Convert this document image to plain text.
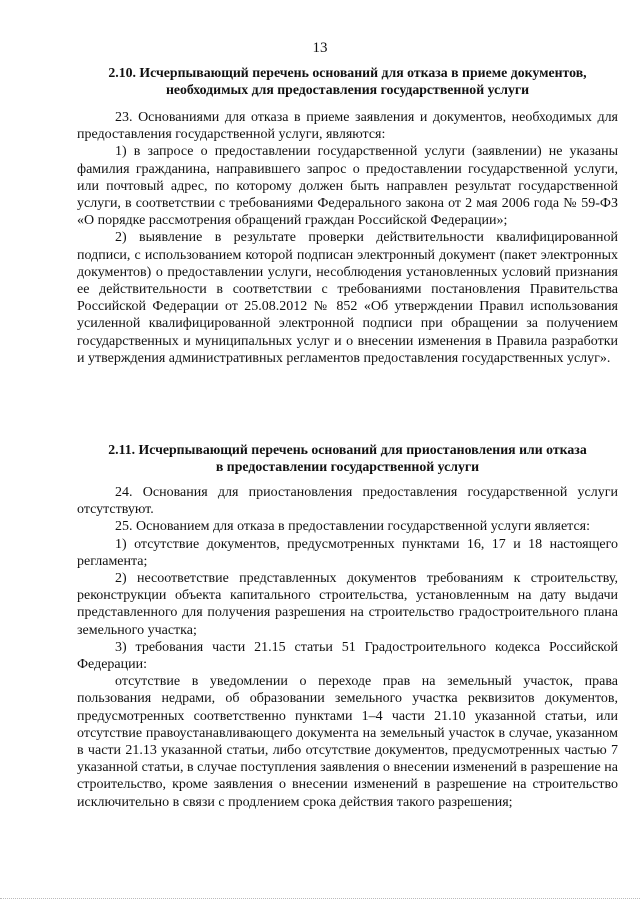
13
2.10. Исчерпывающий перечень оснований для отказа в приеме документов,
необходимых для предоставления государственной услуги

23. Основаниями для отказа в приеме заявления и документов, необходимых для предоставления государственной услуги, являются:

1) в запросе о предоставлении государственной услуги (заявлении) не указаны фамилия гражданина, направившего запрос о предоставлении государственной услуги, или почтовый адрес, по которому должен быть направлен результат государственной услуги, в соответствии с требованиями Федерального закона от 2 мая 2006 года № 59-ФЗ «О порядке рассмотрения обращений граждан Российской Федерации»;

2) выявление в результате проверки действительности квалифицированной подписи, с использованием которой подписан электронный документ (пакет электронных документов) о предоставлении услуги, несоблюдения установленных условий признания ее действительности в соответствии с требованиями постановления Правительства Российской Федерации от 25.08.2012 № 852 «Об утверждении Правил использования усиленной квалифицированной электронной подписи при обращении за получением государственных и муниципальных услуг и о внесении изменения в Правила разработки и утверждения административных регламентов предоставления государственных услуг».

2.11. Исчерпывающий перечень оснований для приостановления или отказа
в предоставлении государственной услуги

24. Основания для приостановления предоставления государственной услуги отсутствуют.

25. Основанием для отказа в предоставлении государственной услуги является:

1) отсутствие документов, предусмотренных пунктами 16, 17 и 18 настоящего регламента;

2) несоответствие представленных документов требованиям к строительству, реконструкции объекта капитального строительства, установленным на дату выдачи представленного для получения разрешения на строительство градостроительного плана земельного участка;

3) требования части 21.15 статьи 51 Градостроительного кодекса Российской Федерации:

отсутствие в уведомлении о переходе прав на земельный участок, права пользования недрами, об образовании земельного участка реквизитов документов, предусмотренных соответственно пунктами 1–4 части 21.10 указанной статьи, или отсутствие правоустанавливающего документа на земельный участок в случае, указанном в части 21.13 указанной статьи, либо отсутствие документов, предусмотренных частью 7 указанной статьи, в случае поступления заявления о внесении изменений в разрешение на строительство, кроме заявления о внесении изменений в разрешение на строительство исключительно в связи с продлением срока действия такого разрешения;
